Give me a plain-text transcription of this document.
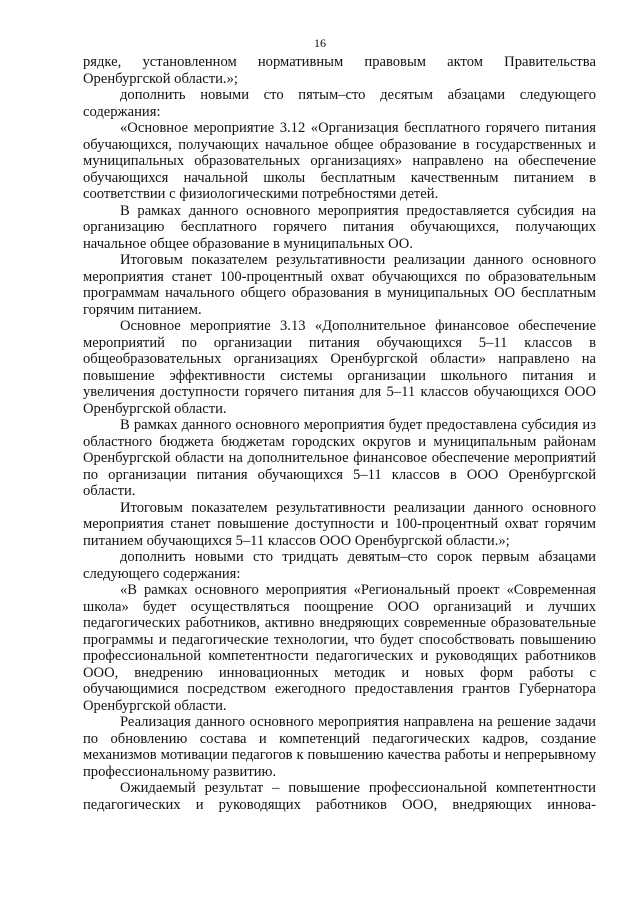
16

рядке, установленном нормативным правовым актом Правительства Оренбургской области.»;

дополнить новыми сто пятым–сто десятым абзацами следующего содержания:

«Основное мероприятие 3.12 «Организация бесплатного горячего питания обучающихся, получающих начальное общее образование в государственных и муниципальных образовательных организациях» направлено на обеспечение обучающихся начальной школы бесплатным качественным питанием в соответствии с физиологическими потребностями детей.

В рамках данного основного мероприятия предоставляется субсидия на организацию бесплатного горячего питания обучающихся, получающих начальное общее образование в муниципальных ОО.

Итоговым показателем результативности реализации данного основного мероприятия станет 100-процентный охват обучающихся по образовательным программам начального общего образования в муниципальных ОО бесплатным горячим питанием.

Основное мероприятие 3.13 «Дополнительное финансовое обеспечение мероприятий по организации питания обучающихся 5–11 классов в общеобразовательных организациях Оренбургской области» направлено на повышение эффективности системы организации школьного питания и увеличения доступности горячего питания для 5–11 классов обучающихся ООО Оренбургской области.

В рамках данного основного мероприятия будет предоставлена субсидия из областного бюджета бюджетам городских округов и муниципальным районам Оренбургской области на дополнительное финансовое обеспечение мероприятий по организации питания обучающихся 5–11 классов в ООО Оренбургской области.

Итоговым показателем результативности реализации данного основного мероприятия станет повышение доступности и 100-процентный охват горячим питанием обучающихся 5–11 классов ООО Оренбургской области.»;

дополнить новыми сто тридцать девятым–сто сорок первым абзацами следующего содержания:

«В рамках основного мероприятия «Региональный проект «Современная школа» будет осуществляться поощрение ООО организаций и лучших педагогических работников, активно внедряющих современные образовательные программы и педагогические технологии, что будет способствовать повышению профессиональной компетентности педагогических и руководящих работников ООО, внедрению инновационных методик и новых форм работы с обучающимися посредством ежегодного предоставления грантов Губернатора Оренбургской области.

Реализация данного основного мероприятия направлена на решение задачи по обновлению состава и компетенций педагогических кадров, создание механизмов мотивации педагогов к повышению качества работы и непрерывному профессиональному развитию.

Ожидаемый результат – повышение профессиональной компетентности педагогических и руководящих работников ООО, внедряющих иннова-
